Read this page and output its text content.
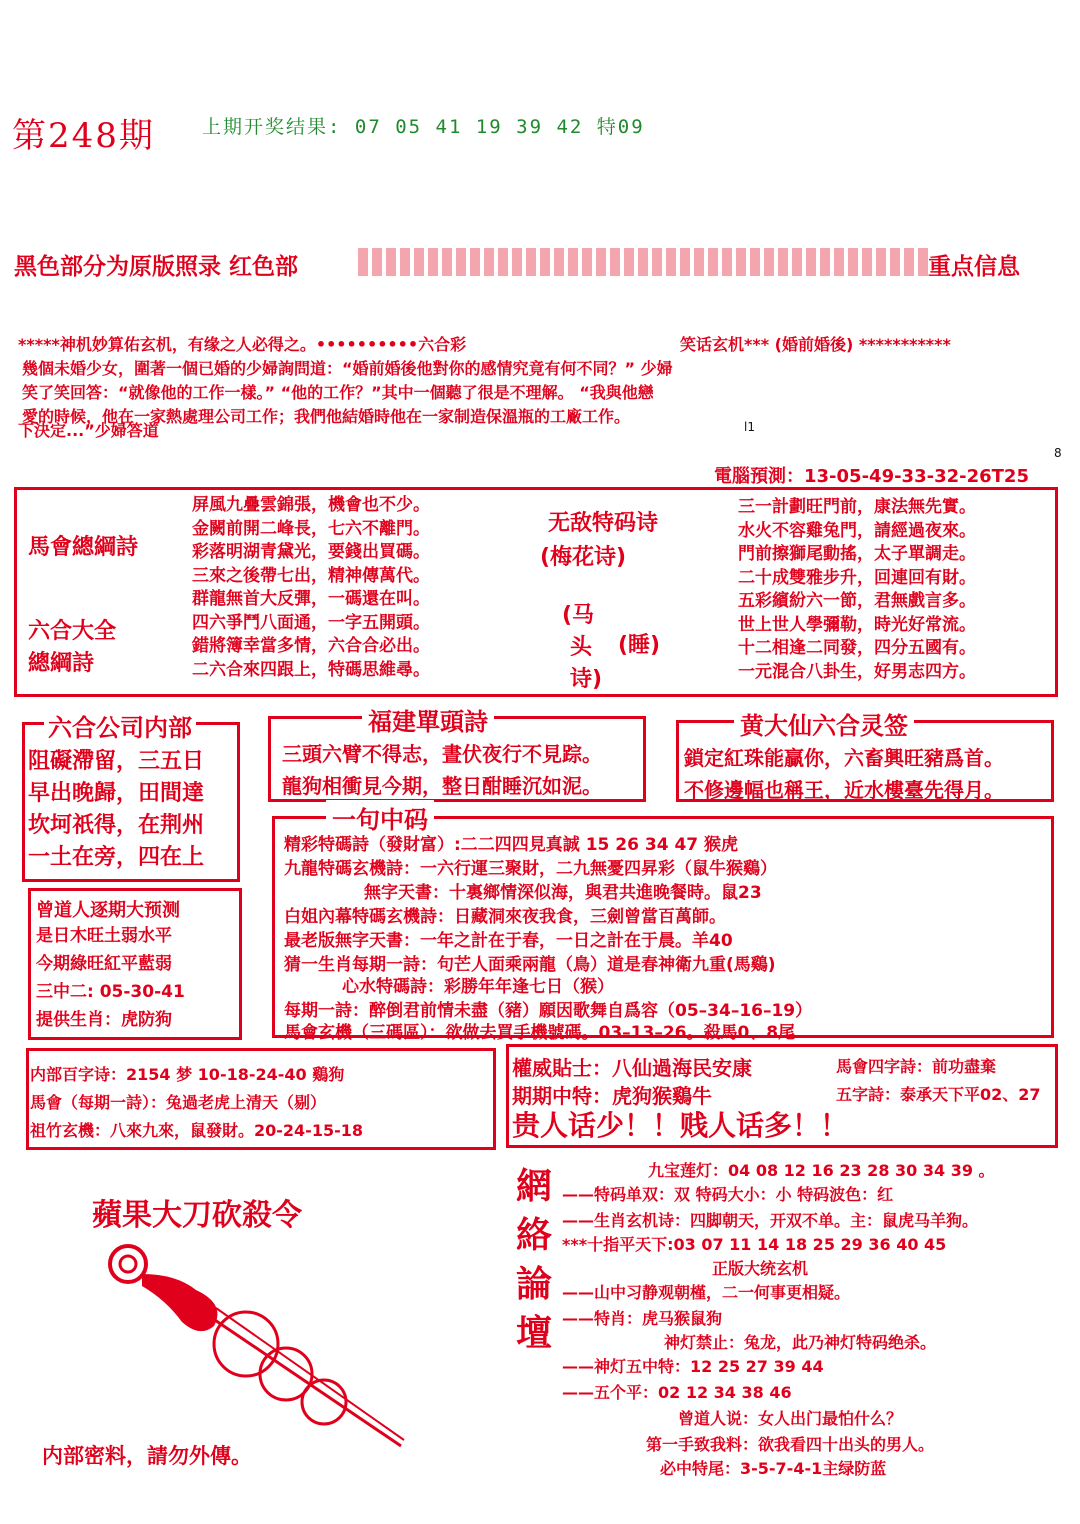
第248期 上期开奖结果: 07 05 41 19 39 42 特09
黑色部分为原版照录 红色部	重点信息
*****神机妙算佑玄机，有缘之人必得之。••••••••••六合彩	笑话玄机*** (婚前婚後) ***********
幾個未婚少女，圍著一個已婚的少婦詢問道：“婚前婚後他對你的感情究竟有何不同？” 少婦
笑了笑回答：“就像他的工作一樣。” “他的工作？”其中一個聽了很是不理解。 “我與他戀
愛的時候，他在一家熱處理公司工作；我們他結婚時他在一家制造保溫瓶的工廠工作。
下決定...”少婦答道	l1
8
電腦預測：13-05-49-33-32-26T25
馬會總綱詩
六合大全
總綱詩
屏風九疊雲錦張，機會也不少。
金闕前開二峰長，七六不離門。
彩落明湖青黛光，要錢出買碼。
三來之後帶七出，精神傳萬代。
群龍無首大反彈，一碼還在叫。
四六爭鬥八面通，一字五開頭。
錯將簿幸當多情，六合合必出。
二六合來四跟上，特碼思維尋。
无敌特码诗
(梅花诗)
(马
头
诗)
(睡)
三一計劃旺門前，康法無先實。
水火不容雞兔門，請經過夜來。
門前擦獅尾動搖，太子單調走。
二十成雙雅步升，回連回有財。
五彩繽紛六一節，君無戲言多。
世上世人學彌勒，時光好常流。
十二相逢二同發，四分五國有。
一元混合八卦生，好男志四方。
六合公司内部
阻礙滯留，三五日
早出晚歸，田間達
坎坷祇得，在荆州
一土在旁，四在上
福建單頭詩
三頭六臂不得志，晝伏夜行不見踪。
龍狗相衝見今期，整日酣睡沉如泥。
黄大仙六合灵签
鎖定紅珠能贏你，六畜興旺豬爲首。
不修邊幅也稱王，近水樓臺先得月。
一句中码
精彩特碼詩（發財富）:二二四四見真誠 15 26 34 47 猴虎
九龍特碼玄機詩：一六行運三聚財，二九無憂四昇彩（鼠牛猴鷄）
無字天書：十裏鄉情深似海，與君共進晚餐時。鼠23
白姐內幕特碼玄機詩：日藏洞來夜我食，三劍曾當百萬師。
最老版無字天書：一年之計在于春，一日之計在于晨。羊40
猜一生肖每期一詩：句芒人面乘兩龍（鳥）道是春神衛九重(馬鷄)
心水特碼詩：彩勝年年逢七日（猴）
每期一詩：醉倒君前情未盡（豬）願因歌舞自爲容（05–34–16–19）
馬會玄機（三碼區）：欲做去買手機號碼。03–13–26。殺馬0、8尾
曾道人逐期大预测
是日木旺土弱水平
今期綠旺紅平藍弱
三中二: 05-30-41
提供生肖：虎防狗
内部百字诗：2154 梦 10-18-24-40 鷄狗
馬會（每期一詩）：兔過老虎上清天（剔）
祖竹玄機：八來九來，鼠發財。20-24-15-18
權威貼士：八仙過海民安康	馬會四字詩：前功盡棄
期期中特：虎狗猴鷄牛	五字詩：泰承天下平02、27
贵人话少！！贱人话多！！
蘋果大刀砍殺令
内部密料，請勿外傳。
網
絡
論
壇
九宝莲灯：04 08 12 16 23 28 30 34 39 。
——特码单双：双 特码大小：小 特码波色：红
——生肖玄机诗：四脚朝天，开双不单。主：鼠虎马羊狗。
***十指平天下:03 07 11 14 18 25 29 36 40 45
正版大统玄机
——山中习静观朝槿，二一何事更相疑。
——特肖：虎马猴鼠狗
神灯禁止：兔龙，此乃神灯特码绝杀。
——神灯五中特：12 25 27 39 44
——五个平：02 12 34 38 46
曾道人说：女人出门最怕什么？
第一手致我料：欲我看四十出头的男人。
必中特尾：3-5-7-4-1主绿防蓝
